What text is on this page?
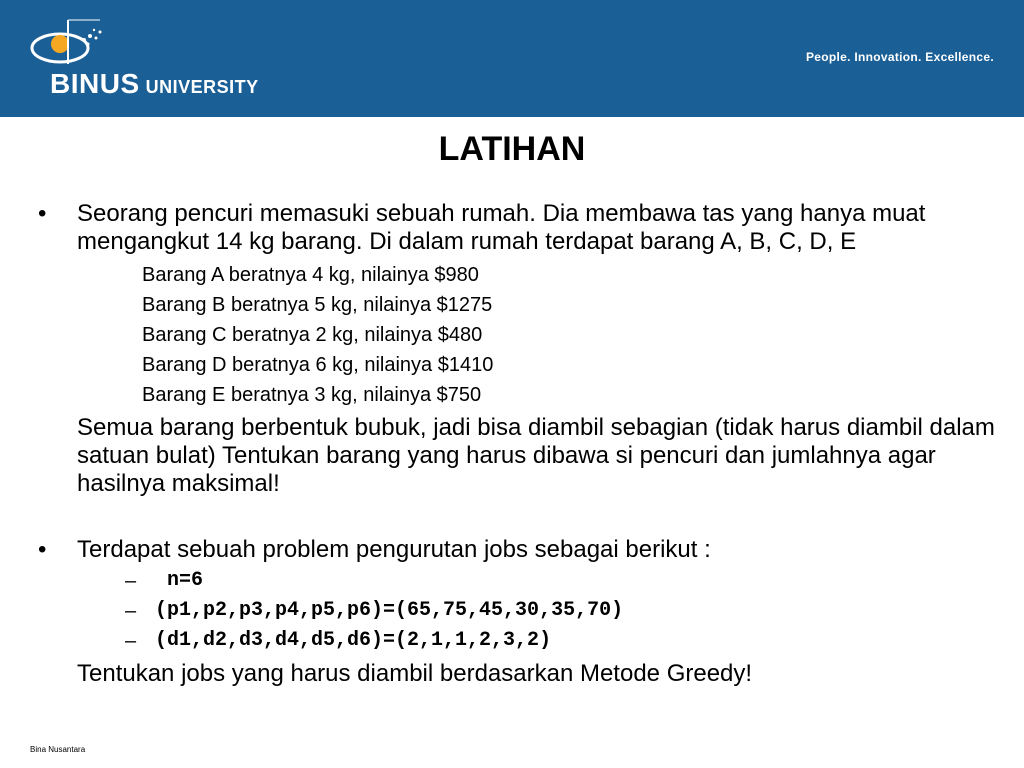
BINUS UNIVERSITY
People. Innovation. Excellence.
LATIHAN
• Seorang pencuri memasuki sebuah rumah. Dia membawa tas yang hanya muat mengangkut 14 kg barang. Di dalam rumah terdapat barang A, B, C, D, E
Barang A beratnya 4 kg, nilainya $980
Barang B beratnya 5 kg, nilainya $1275
Barang C beratnya 2 kg, nilainya $480
Barang D beratnya 6 kg, nilainya $1410
Barang E beratnya 3 kg, nilainya $750
Semua barang berbentuk bubuk, jadi bisa diambil sebagian (tidak harus diambil dalam satuan bulat) Tentukan barang yang harus dibawa si pencuri dan jumlahnya agar hasilnya maksimal!
• Terdapat sebuah problem pengurutan jobs sebagai berikut :
– n=6
– (p1,p2,p3,p4,p5,p6)=(65,75,45,30,35,70)
– (d1,d2,d3,d4,d5,d6)=(2,1,1,2,3,2)
Tentukan jobs yang harus diambil berdasarkan Metode Greedy!
Bina Nusantara
